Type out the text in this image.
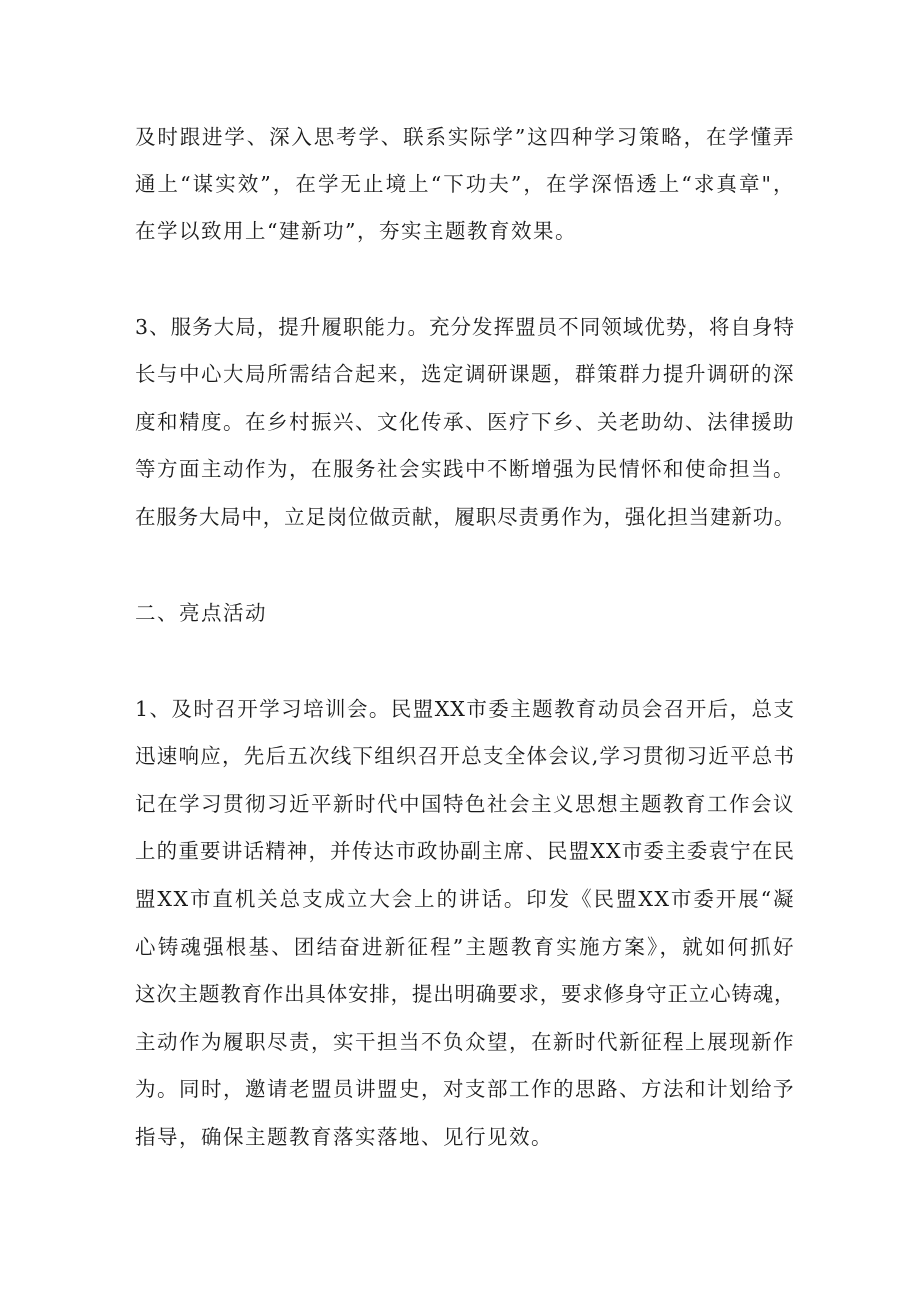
及时跟进学、深入思考学、联系实际学”这四种学习策略，在学懂弄
通上“谋实效”，在学无止境上“下功夫”，在学深悟透上“求真章"，
在学以致用上“建新功”，夯实主题教育效果。
3、服务大局，提升履职能力。充分发挥盟员不同领域优势，将自身特
长与中心大局所需结合起来，选定调研课题，群策群力提升调研的深
度和精度。在乡村振兴、文化传承、医疗下乡、关老助幼、法律援助
等方面主动作为，在服务社会实践中不断增强为民情怀和使命担当。
在服务大局中，立足岗位做贡献，履职尽责勇作为，强化担当建新功。
二、亮点活动
1、及时召开学习培训会。民盟XX市委主题教育动员会召开后，总支
迅速响应，先后五次线下组织召开总支全体会议,学习贯彻习近平总书
记在学习贯彻习近平新时代中国特色社会主义思想主题教育工作会议
上的重要讲话精神，并传达市政协副主席、民盟XX市委主委袁宁在民
盟XX市直机关总支成立大会上的讲话。印发《民盟XX市委开展“凝
心铸魂强根基、团结奋进新征程”主题教育实施方案》，就如何抓好
这次主题教育作出具体安排，提出明确要求，要求修身守正立心铸魂，
主动作为履职尽责，实干担当不负众望，在新时代新征程上展现新作
为。同时，邀请老盟员讲盟史，对支部工作的思路、方法和计划给予
指导，确保主题教育落实落地、见行见效。
